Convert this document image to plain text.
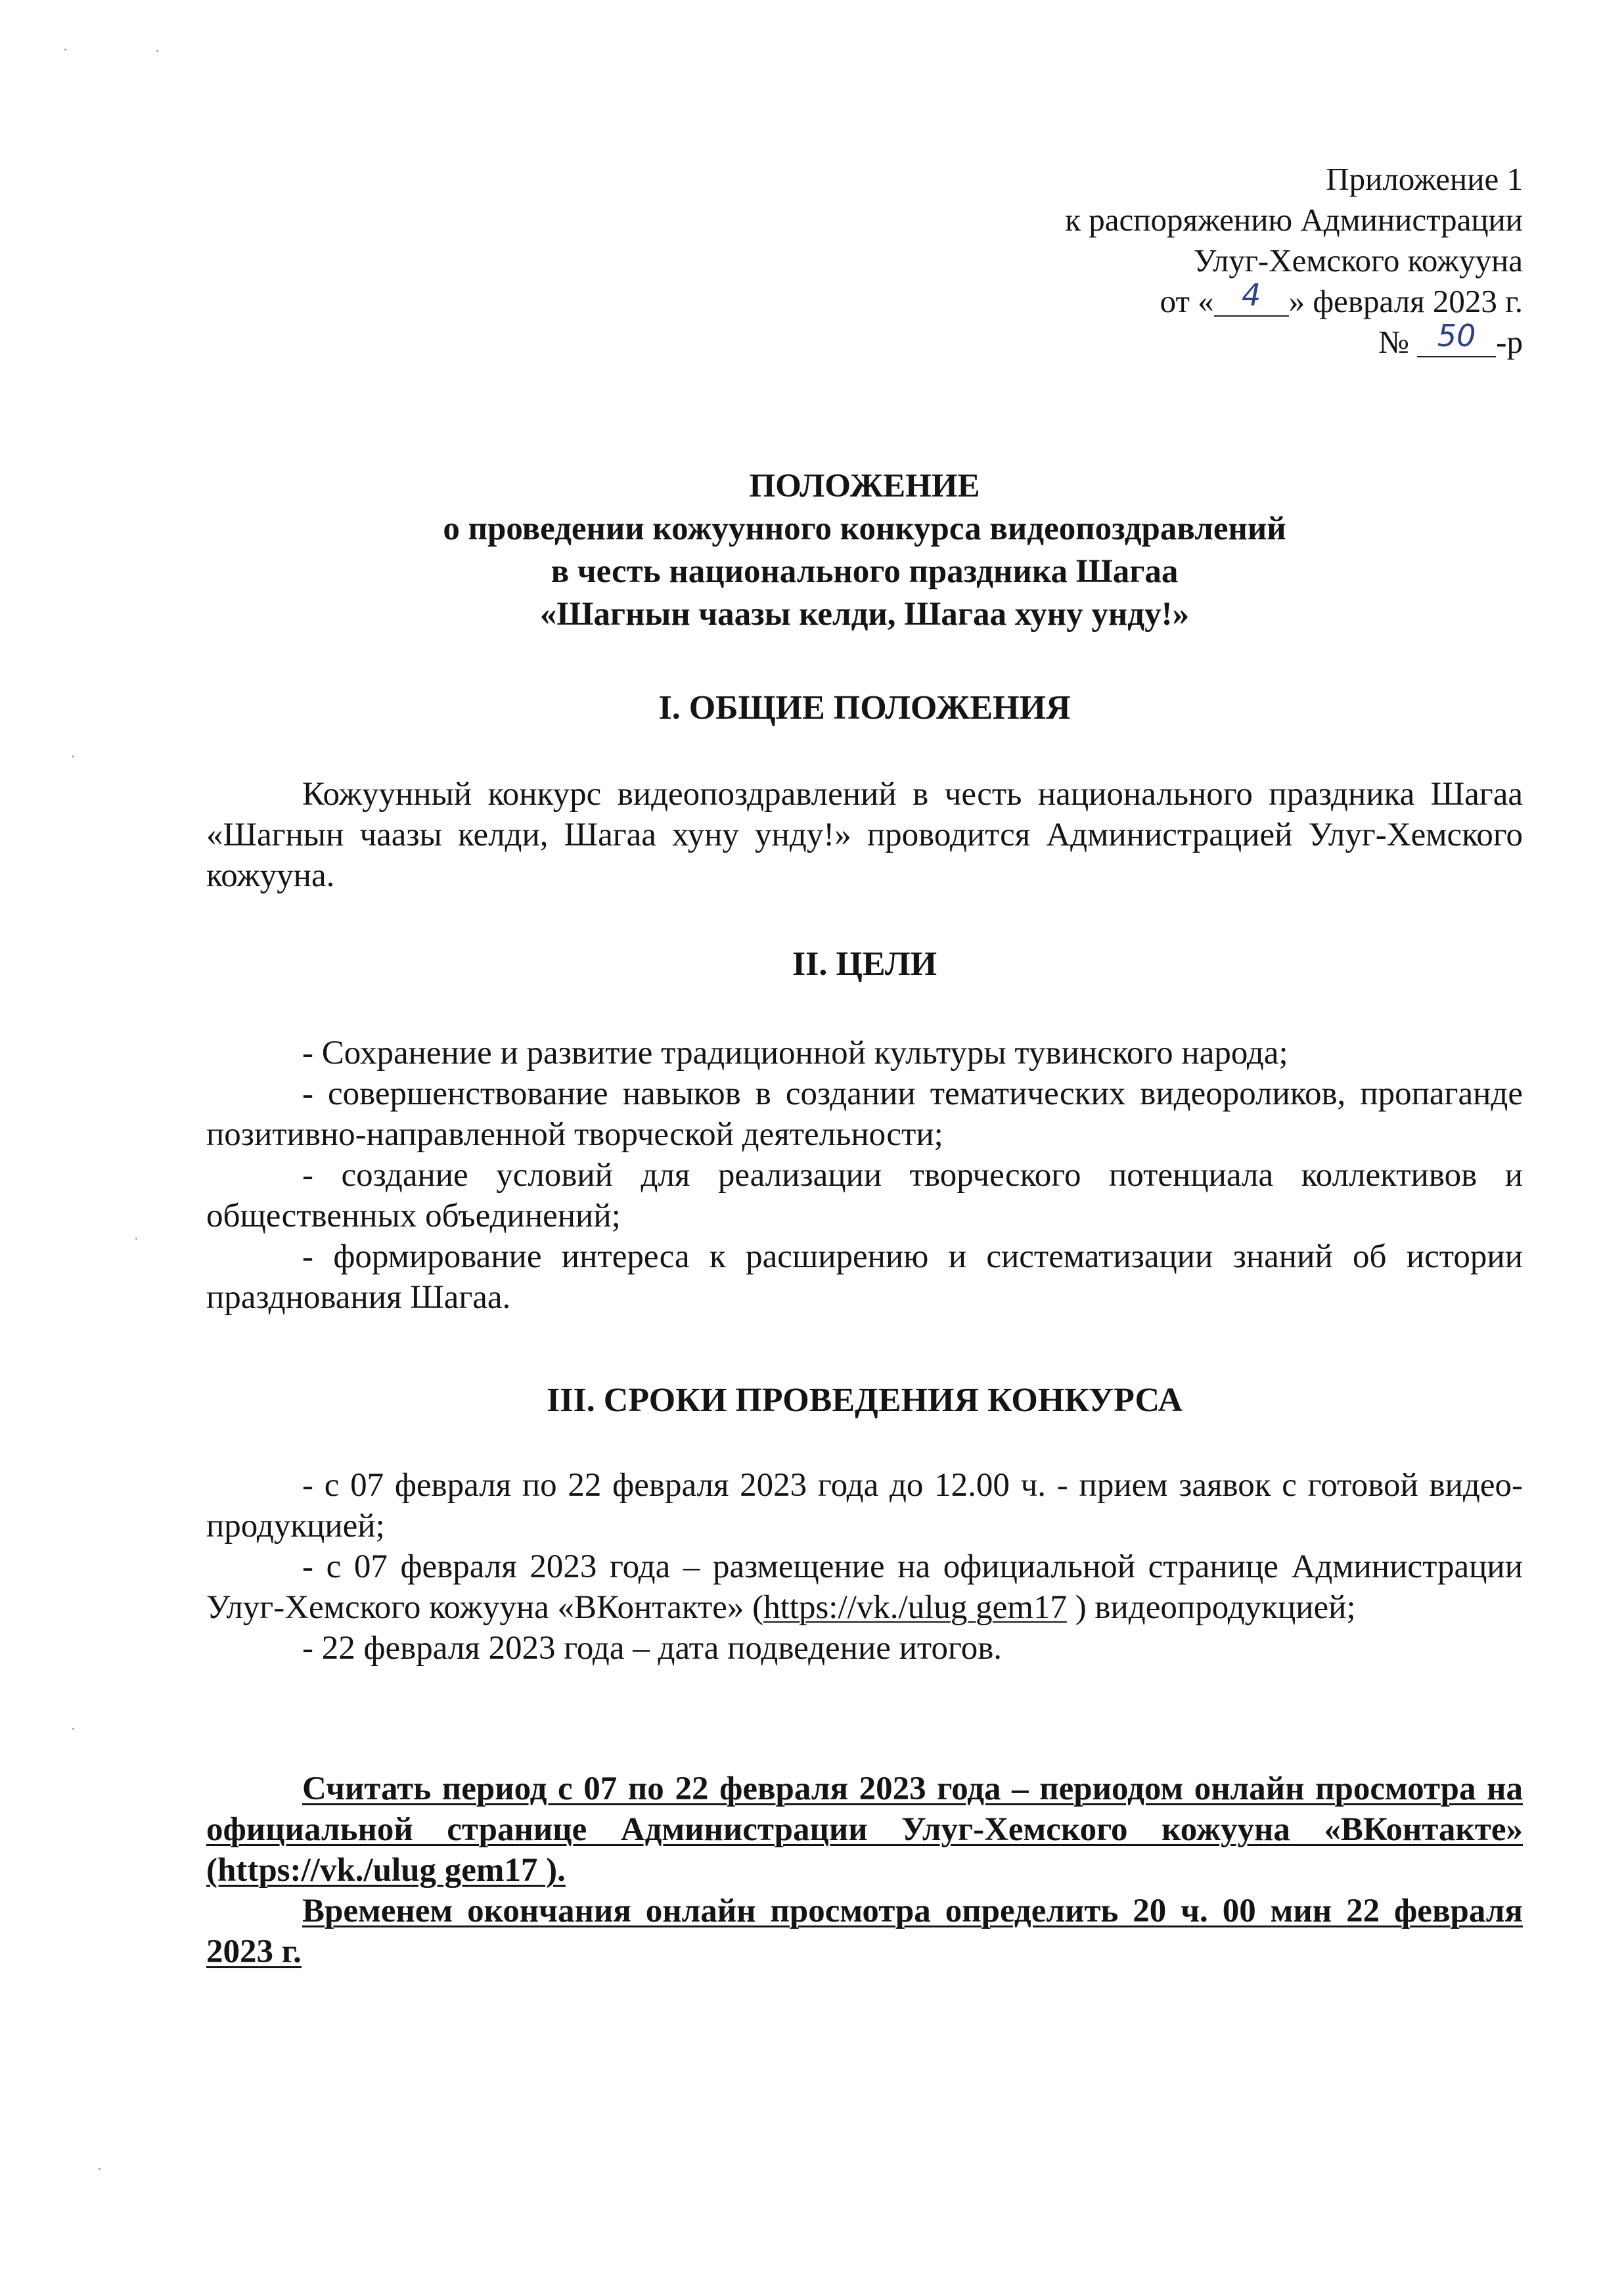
Приложение 1
к распоряжению Администрации
Улуг-Хемского кожууна
от « 4 » февраля 2023 г.
№ 50 -р
ПОЛОЖЕНИЕ
о проведении кожуунного конкурса видеопоздравлений
в честь национального праздника Шагаа
«Шагнын чаазы келди, Шагаа хуну унду!»
I. ОБЩИЕ ПОЛОЖЕНИЯ

Кожуунный конкурс видеопоздравлений в честь национального праздника Шагаа «Шагнын чаазы келди, Шагаа хуну унду!» проводится Администрацией Улуг-Хемского кожууна.

II. ЦЕЛИ

- Сохранение и развитие традиционной культуры тувинского народа;

- совершенствование навыков в создании тематических видеороликов, пропаганде позитивно-направленной творческой деятельности;

- создание условий для реализации творческого потенциала коллективов и общественных объединений;

- формирование интереса к расширению и систематизации знаний об истории празднования Шагаа.

III. СРОКИ ПРОВЕДЕНИЯ КОНКУРСА

- с 07 февраля по 22 февраля 2023 года до 12.00 ч. - прием заявок с готовой видео-продукцией;

- с 07 февраля 2023 года – размещение на официальной странице Администрации Улуг-Хемского кожууна «ВКонтакте» (https://vk./ulug gem17 ) видеопродукцией;

- 22 февраля 2023 года – дата подведение итогов.

Считать период с 07 по 22 февраля 2023 года – периодом онлайн просмотра на официальной странице Администрации Улуг-Хемского кожууна «ВКонтакте» (https://vk./ulug gem17 ).

Временем окончания онлайн просмотра определить 20 ч. 00 мин 22 февраля 2023 г.
